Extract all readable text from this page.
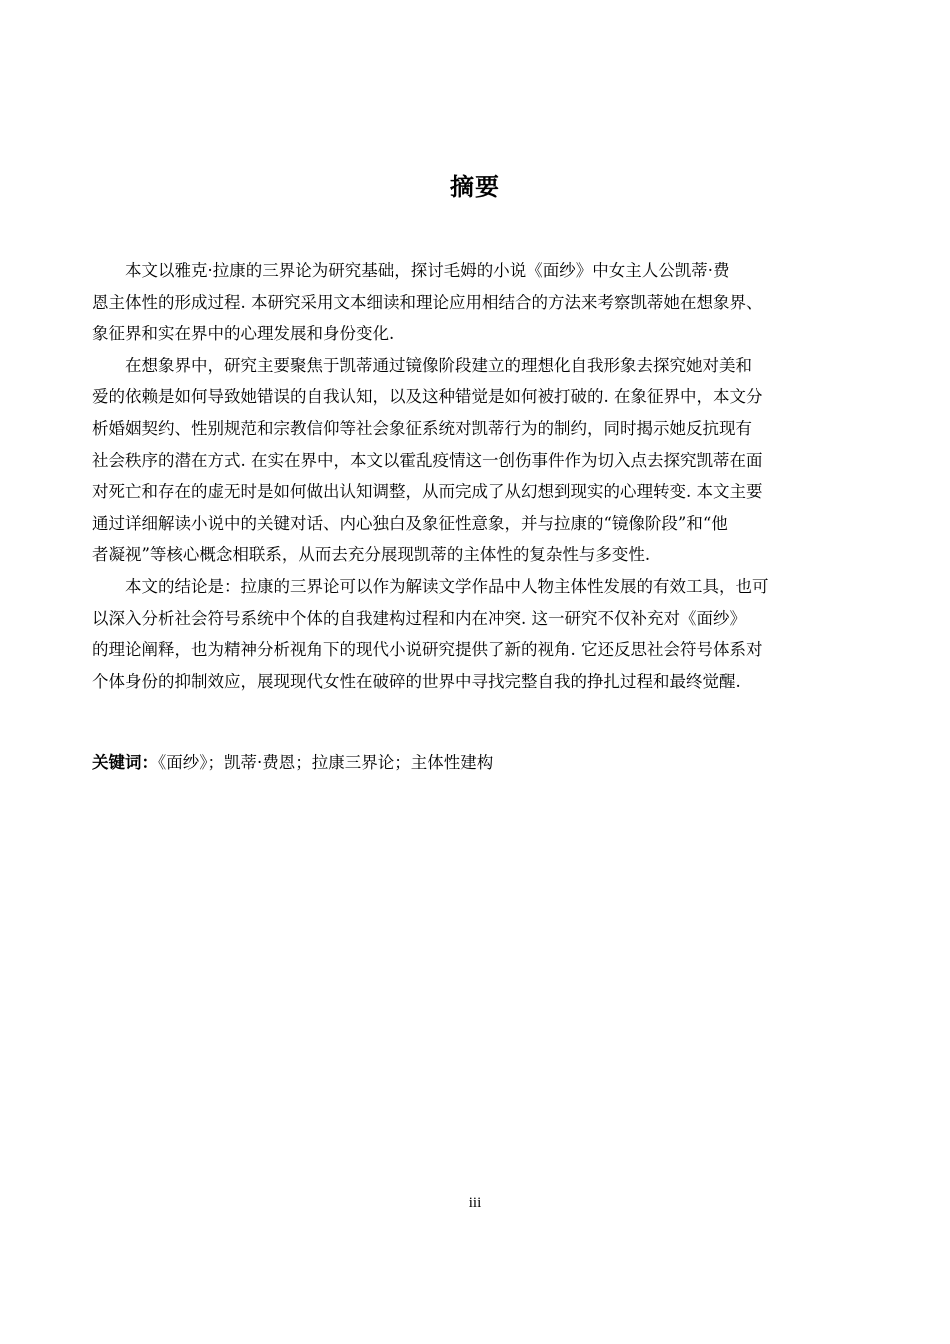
摘要
本文以雅克·拉康的三界论为研究基础，探讨毛姆的小说《面纱》中女主人公凯蒂·费
恩主体性的形成过程. 本研究采用文本细读和理论应用相结合的方法来考察凯蒂她在想象界、
象征界和实在界中的心理发展和身份变化.
在想象界中，研究主要聚焦于凯蒂通过镜像阶段建立的理想化自我形象去探究她对美和
爱的依赖是如何导致她错误的自我认知，以及这种错觉是如何被打破的. 在象征界中，本文分
析婚姻契约、性别规范和宗教信仰等社会象征系统对凯蒂行为的制约，同时揭示她反抗现有
社会秩序的潜在方式. 在实在界中，本文以霍乱疫情这一创伤事件作为切入点去探究凯蒂在面
对死亡和存在的虚无时是如何做出认知调整，从而完成了从幻想到现实的心理转变. 本文主要
通过详细解读小说中的关键对话、内心独白及象征性意象，并与拉康的“镜像阶段”和“他
者凝视”等核心概念相联系，从而去充分展现凯蒂的主体性的复杂性与多变性.
本文的结论是：拉康的三界论可以作为解读文学作品中人物主体性发展的有效工具，也可
以深入分析社会符号系统中个体的自我建构过程和内在冲突. 这一研究不仅补充对《面纱》
的理论阐释，也为精神分析视角下的现代小说研究提供了新的视角. 它还反思社会符号体系对
个体身份的抑制效应，展现现代女性在破碎的世界中寻找完整自我的挣扎过程和最终觉醒.
关键词：《面纱》；凯蒂·费恩；拉康三界论；主体性建构
iii
